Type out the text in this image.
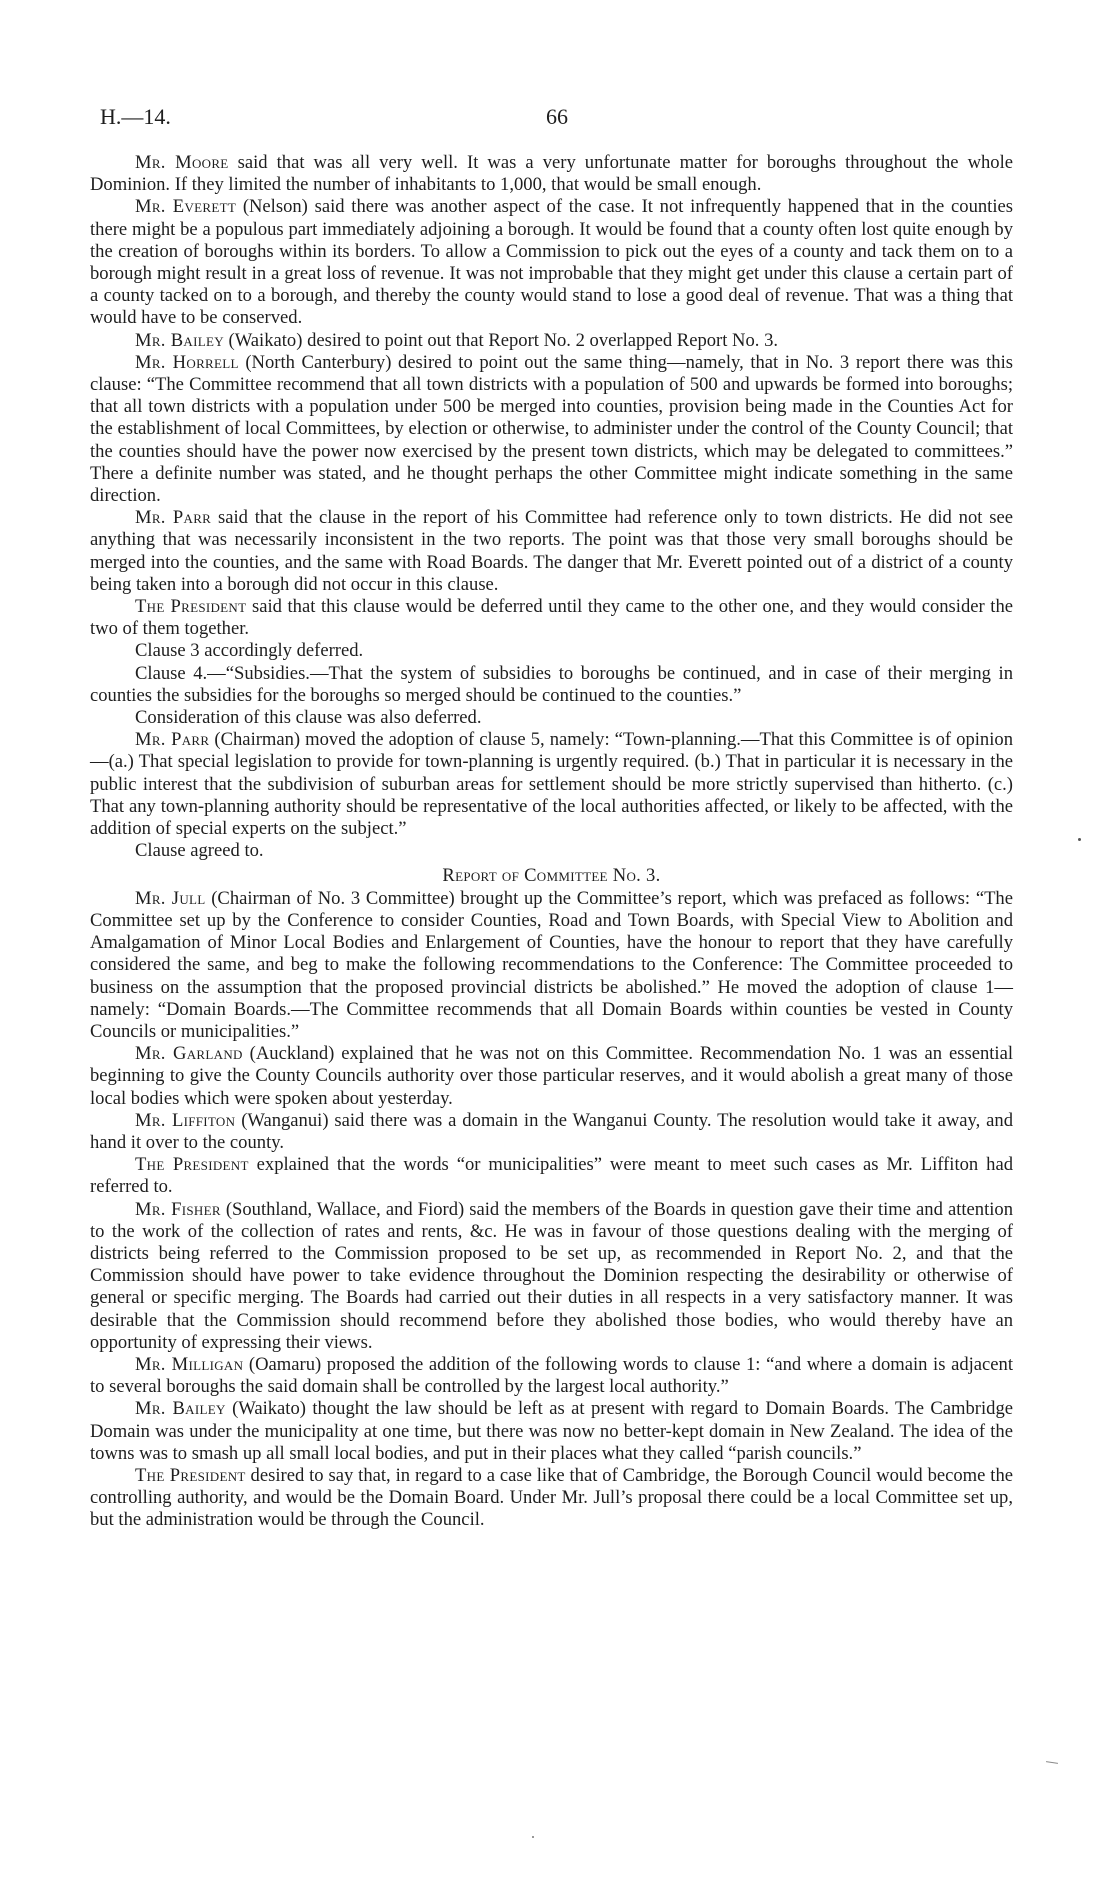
H.—14.	66

Mr. Moore said that was all very well. It was a very unfortunate matter for boroughs throughout the whole Dominion. If they limited the number of inhabitants to 1,000, that would be small enough.

Mr. Everett (Nelson) said there was another aspect of the case. It not infrequently happened that in the counties there might be a populous part immediately adjoining a borough. It would be found that a county often lost quite enough by the creation of boroughs within its borders. To allow a Commission to pick out the eyes of a county and tack them on to a borough might result in a great loss of revenue. It was not improbable that they might get under this clause a certain part of a county tacked on to a borough, and thereby the county would stand to lose a good deal of revenue. That was a thing that would have to be conserved.

Mr. Bailey (Waikato) desired to point out that Report No. 2 overlapped Report No. 3.

Mr. Horrell (North Canterbury) desired to point out the same thing—namely, that in No. 3 report there was this clause: “The Committee recommend that all town districts with a population of 500 and upwards be formed into boroughs; that all town districts with a population under 500 be merged into counties, provision being made in the Counties Act for the establishment of local Committees, by election or otherwise, to administer under the control of the County Council; that the counties should have the power now exercised by the present town districts, which may be delegated to committees.” There a definite number was stated, and he thought perhaps the other Committee might indicate something in the same direction.

Mr. Parr said that the clause in the report of his Committee had reference only to town districts. He did not see anything that was necessarily inconsistent in the two reports. The point was that those very small boroughs should be merged into the counties, and the same with Road Boards. The danger that Mr. Everett pointed out of a district of a county being taken into a borough did not occur in this clause.

The President said that this clause would be deferred until they came to the other one, and they would consider the two of them together.

Clause 3 accordingly deferred.

Clause 4.—“Subsidies.—That the system of subsidies to boroughs be continued, and in case of their merging in counties the subsidies for the boroughs so merged should be continued to the counties.”

Consideration of this clause was also deferred.

Mr. Parr (Chairman) moved the adoption of clause 5, namely: “Town-planning.—That this Committee is of opinion—(a.) That special legislation to provide for town-planning is urgently required. (b.) That in particular it is necessary in the public interest that the subdivision of suburban areas for settlement should be more strictly supervised than hitherto. (c.) That any town-planning authority should be representative of the local authorities affected, or likely to be affected, with the addition of special experts on the subject.”

Clause agreed to.

Report of Committee No. 3.

Mr. Jull (Chairman of No. 3 Committee) brought up the Committee’s report, which was prefaced as follows: “The Committee set up by the Conference to consider Counties, Road and Town Boards, with Special View to Abolition and Amalgamation of Minor Local Bodies and Enlargement of Counties, have the honour to report that they have carefully considered the same, and beg to make the following recommendations to the Conference: The Committee proceeded to business on the assumption that the proposed provincial districts be abolished.” He moved the adoption of clause 1—namely: “Domain Boards.—The Committee recommends that all Domain Boards within counties be vested in County Councils or municipalities.”

Mr. Garland (Auckland) explained that he was not on this Committee. Recommendation No. 1 was an essential beginning to give the County Councils authority over those particular reserves, and it would abolish a great many of those local bodies which were spoken about yesterday.

Mr. Liffiton (Wanganui) said there was a domain in the Wanganui County. The resolution would take it away, and hand it over to the county.

The President explained that the words “or municipalities” were meant to meet such cases as Mr. Liffiton had referred to.

Mr. Fisher (Southland, Wallace, and Fiord) said the members of the Boards in question gave their time and attention to the work of the collection of rates and rents, &c. He was in favour of those questions dealing with the merging of districts being referred to the Commission proposed to be set up, as recommended in Report No. 2, and that the Commission should have power to take evidence throughout the Dominion respecting the desirability or otherwise of general or specific merging. The Boards had carried out their duties in all respects in a very satisfactory manner. It was desirable that the Commission should recommend before they abolished those bodies, who would thereby have an opportunity of expressing their views.

Mr. Milligan (Oamaru) proposed the addition of the following words to clause 1: “and where a domain is adjacent to several boroughs the said domain shall be controlled by the largest local authority.”

Mr. Bailey (Waikato) thought the law should be left as at present with regard to Domain Boards. The Cambridge Domain was under the municipality at one time, but there was now no better-kept domain in New Zealand. The idea of the towns was to smash up all small local bodies, and put in their places what they called “parish councils.”

The President desired to say that, in regard to a case like that of Cambridge, the Borough Council would become the controlling authority, and would be the Domain Board. Under Mr. Jull’s proposal there could be a local Committee set up, but the administration would be through the Council.
